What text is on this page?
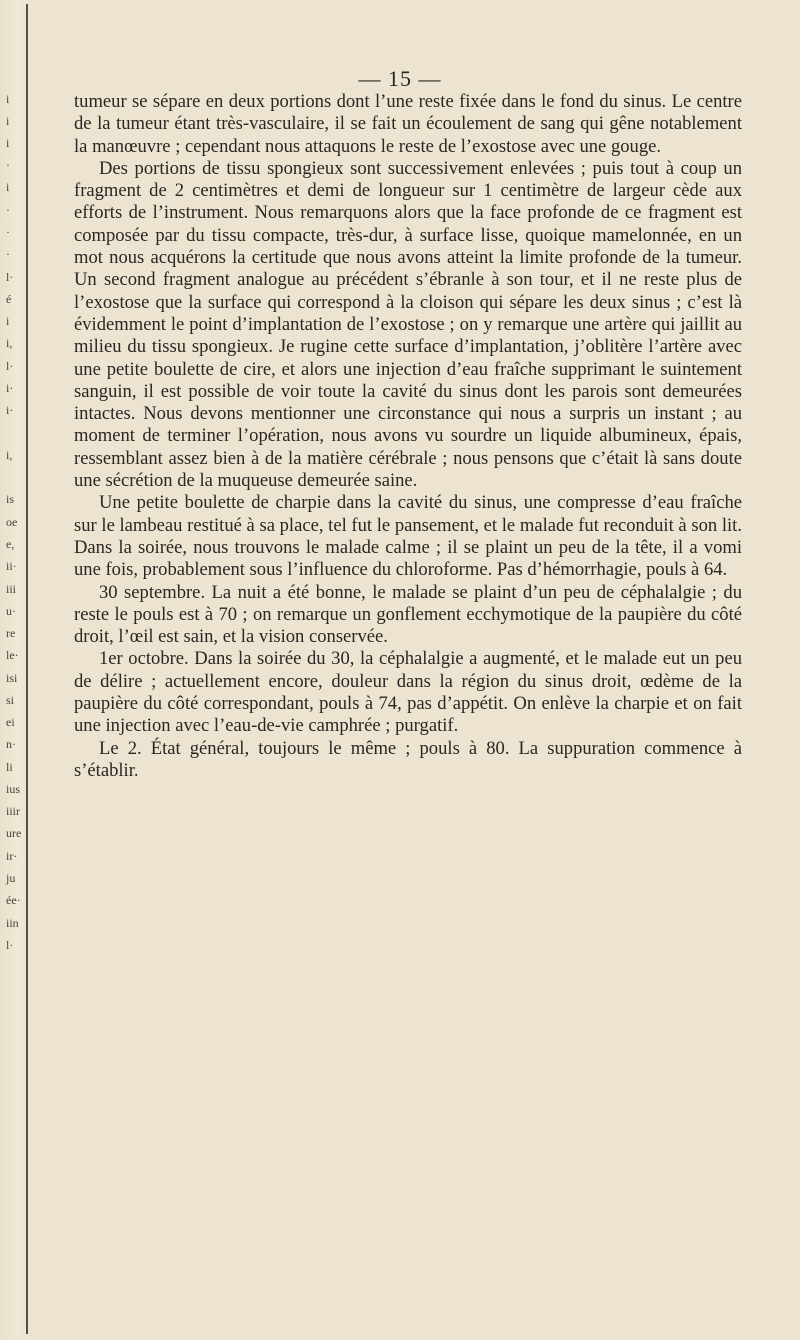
i
i
i
·
i
·
·
·
l·
é
i
i,
l·
i·
i·
i,
is
oe
e,
ii·
iii
u·
re
le·
isi
si
ei
n·
li
ius
iiir
ure
ir·
ju
ée·
iin
l·
— 15 —

tumeur se sépare en deux portions dont l’une reste fixée dans le fond du sinus. Le centre de la tumeur étant très-vasculaire, il se fait un écoulement de sang qui gêne notablement la manœuvre ; cependant nous attaquons le reste de l’exostose avec une gouge.

Des portions de tissu spongieux sont successivement enlevées ; puis tout à coup un fragment de 2 centimètres et demi de longueur sur 1 centimètre de largeur cède aux efforts de l’instrument. Nous remarquons alors que la face profonde de ce fragment est composée par du tissu compacte, très-dur, à surface lisse, quoique mamelonnée, en un mot nous acquérons la certitude que nous avons atteint la limite profonde de la tumeur. Un second fragment analogue au précédent s’ébranle à son tour, et il ne reste plus de l’exostose que la surface qui correspond à la cloison qui sépare les deux sinus ; c’est là évidemment le point d’implantation de l’exostose ; on y remarque une artère qui jaillit au milieu du tissu spongieux. Je rugine cette surface d’implantation, j’oblitère l’artère avec une petite boulette de cire, et alors une injection d’eau fraîche supprimant le suintement sanguin, il est possible de voir toute la cavité du sinus dont les parois sont demeurées intactes. Nous devons mentionner une circonstance qui nous a surpris un instant ; au moment de terminer l’opération, nous avons vu sourdre un liquide albumineux, épais, ressemblant assez bien à de la matière cérébrale ; nous pensons que c’était là sans doute une sécrétion de la muqueuse demeurée saine.

Une petite boulette de charpie dans la cavité du sinus, une compresse d’eau fraîche sur le lambeau restitué à sa place, tel fut le pansement, et le malade fut reconduit à son lit. Dans la soirée, nous trouvons le malade calme ; il se plaint un peu de la tête, il a vomi une fois, probablement sous l’influence du chloroforme. Pas d’hémorrhagie, pouls à 64.

30 septembre. La nuit a été bonne, le malade se plaint d’un peu de céphalalgie ; du reste le pouls est à 70 ; on remarque un gonflement ecchymotique de la paupière du côté droit, l’œil est sain, et la vision conservée.

1er octobre. Dans la soirée du 30, la céphalalgie a augmenté, et le malade eut un peu de délire ; actuellement encore, douleur dans la région du sinus droit, œdème de la paupière du côté correspondant, pouls à 74, pas d’appétit. On enlève la charpie et on fait une injection avec l’eau-de-vie camphrée ; purgatif.

Le 2. État général, toujours le même ; pouls à 80. La suppuration commence à s’établir.
